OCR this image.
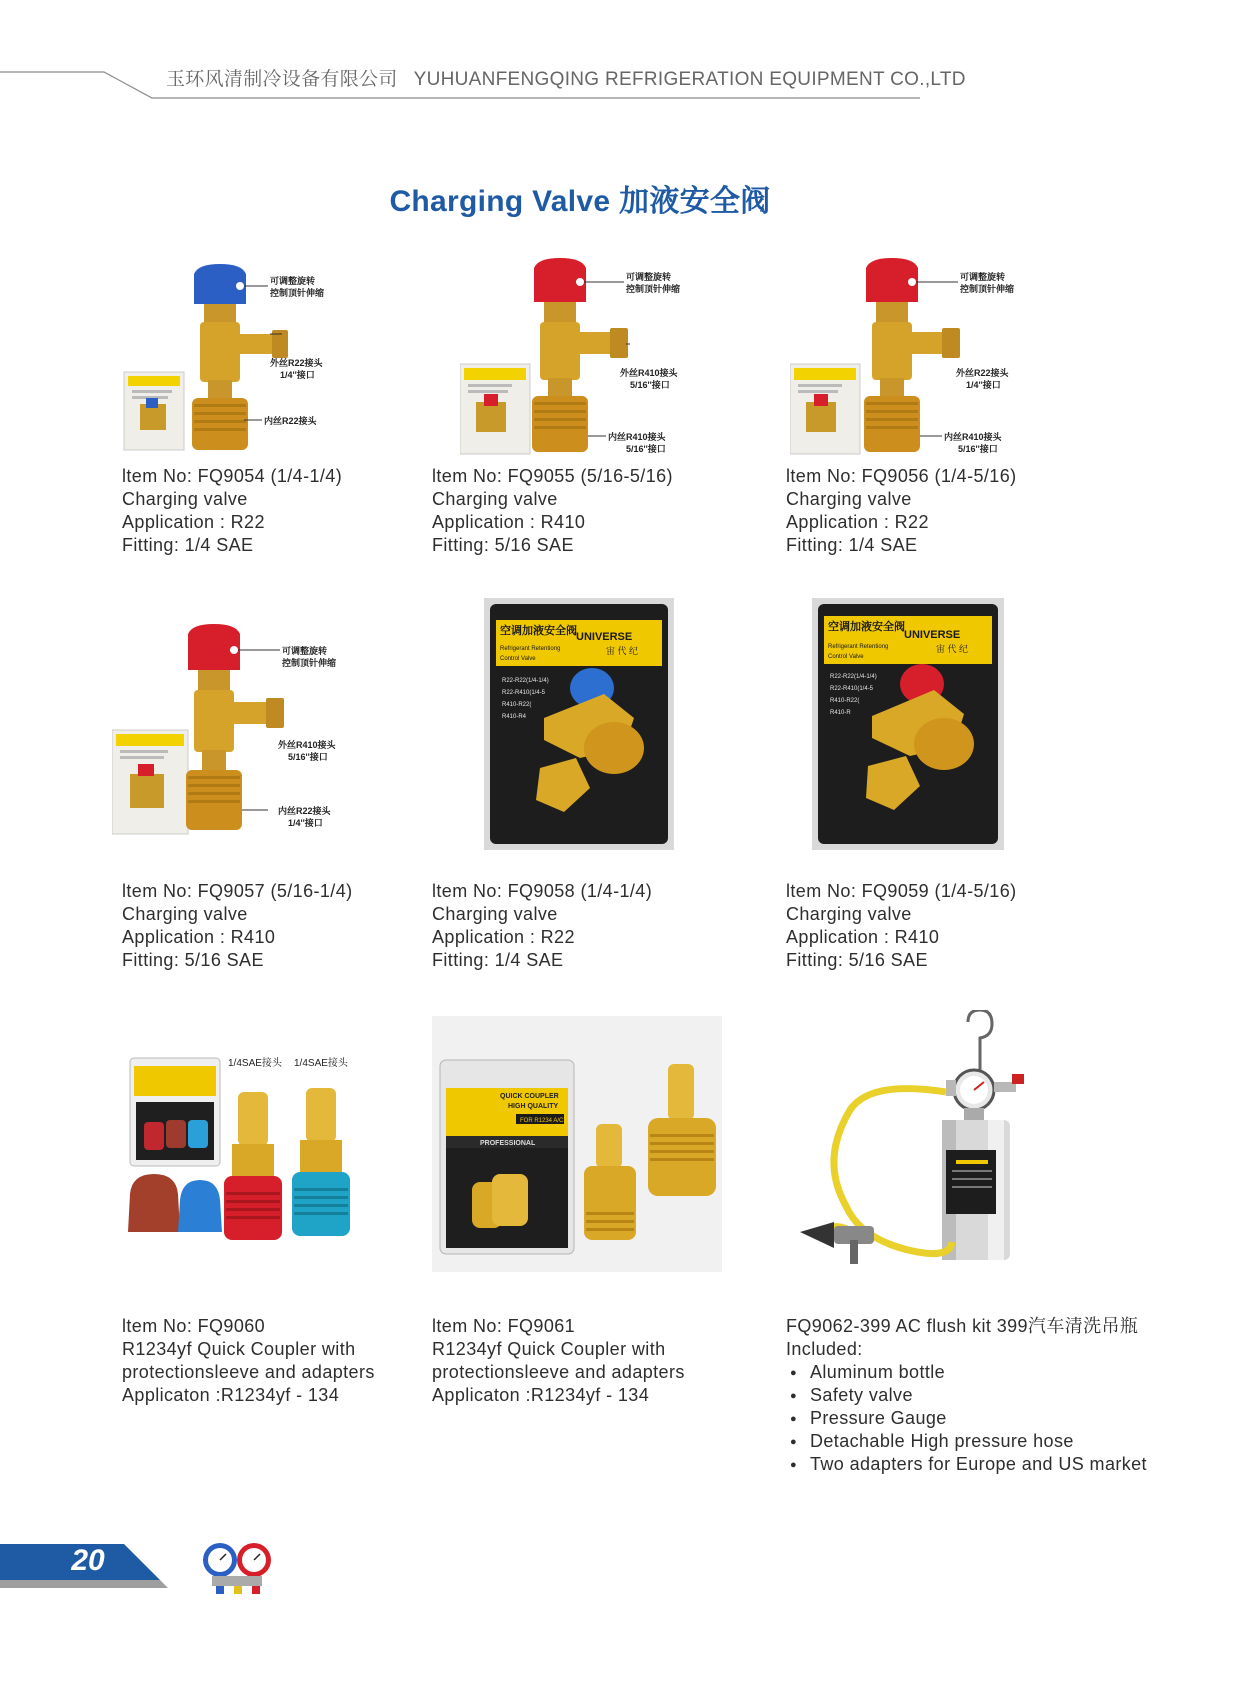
玉环风清制冷设备有限公司 YUHUANFENGQING REFRIGERATION EQUIPMENT CO.,LTD
Charging Valve 加液安全阀
可调整旋转
控制顶针伸缩
外丝R22接头
1/4''接口
内丝R22接头
ltem No: FQ9054 (1/4-1/4)
Charging valve
Application : R22
Fitting: 1/4 SAE
可调整旋转
控制顶针伸缩
外丝R410接头
5/16''接口
内丝R410接头
5/16''接口
ltem No: FQ9055 (5/16-5/16)
Charging valve
Application : R410
Fitting: 5/16 SAE
可调整旋转
控制顶针伸缩
外丝R22接头
1/4''接口
内丝R410接头
5/16''接口
ltem No: FQ9056 (1/4-5/16)
Charging valve
Application : R22
Fitting: 1/4 SAE
可调整旋转
控制顶针伸缩
外丝R410接头
5/16''接口
内丝R22接头
1/4''接口
ltem No: FQ9057 (5/16-1/4)
Charging valve
Application : R410
Fitting: 5/16 SAE
空调加液安全阀 UNIVERSE
宙 代 纪
Refrigerant Retentiong
Control Valve
R22-R22(1/4-1/4)
R22-R410(1/4-5
R410-R22(
R410-R4
ltem No: FQ9058 (1/4-1/4)
Charging valve
Application : R22
Fitting: 1/4 SAE
空调加液安全阀
UNIVERSE
宙 代 纪
Refrigerant Retentiong
Control Valve
R22-R22(1/4-1/4)
R22-R410(1/4-5
R410-R22(
R410-R
ltem No: FQ9059 (1/4-5/16)
Charging valve
Application : R410
Fitting: 5/16 SAE
1/4SAE接头 1/4SAE接头
ltem No: FQ9060
R1234yf Quick Coupler with
protectionsleeve and adapters
Applicaton :R1234yf - 134
QUICK COUPLER
HIGH QUALITY
FOR R1234 A/C
PROFESSIONAL
ltem No: FQ9061
R1234yf Quick Coupler with
protectionsleeve and adapters
Applicaton :R1234yf - 134
FQ9062-399 AC flush kit 399汽车清洗吊瓶
Included:
● Aluminum bottle
● Safety valve
● Pressure Gauge
● Detachable High pressure hose
● Two adapters for Europe and US market
20
